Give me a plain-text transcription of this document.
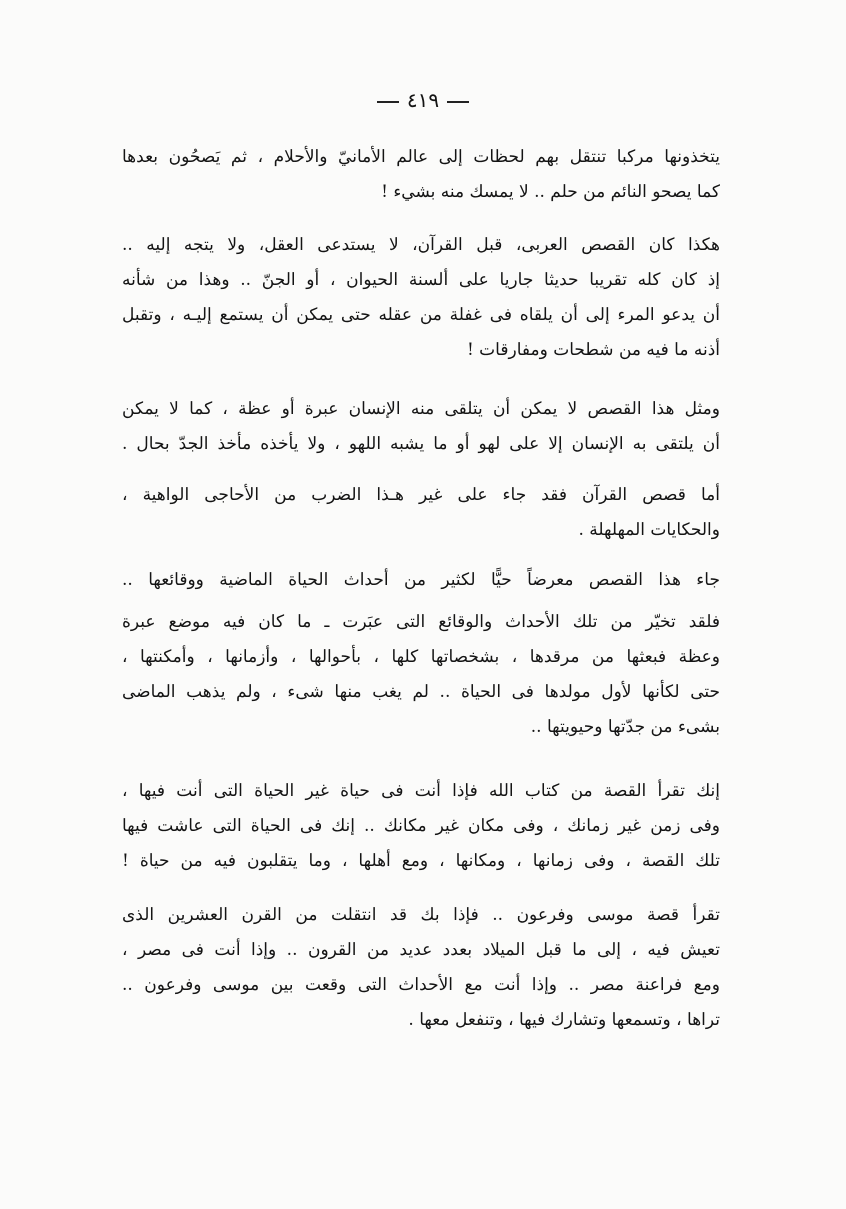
٤١٩
يتخذونها مركبا تنتقل بهم لحظات إلى عالم الأمانيّ والأحلام ، ثم يَصحُون بعدها
كما يصحو النائم من حلم .. لا يمسك منه بشيء !
هكذا كان القصص العربى، قبل القرآن، لا يستدعى العقل، ولا يتجه إليه ..
إذ كان كله تقريبا حديثا جاريا على ألسنة الحيوان ، أو الجنّ .. وهذا من شأنه
أن يدعو المرء إلى أن يلقاه فى غفلة من عقله حتى يمكن أن يستمع إليـه ، وتقبل
أذنه ما فيه من شطحات ومفارقات !
ومثل هذا القصص لا يمكن أن يتلقى منه الإنسان عبرة أو عظة ، كما لا يمكن
أن يلتقى به الإنسان إلا على لهو أو ما يشبه اللهو ، ولا يأخذه مأخذ الجدّ بحال .
أما قصص القرآن فقد جاء على غير هـذا الضرب من الأحاجى الواهية ،
والحكايات المهلهلة .
جاء هذا القصص معرضاً حيًّا لكثير من أحداث الحياة الماضية ووقائعها ..
فلقد تخيّر من تلك الأحداث والوقائع التى عبَرت ـ ما كان فيه موضع عبرة
وعظة فبعثها من مرقدها ، بشخصاتها كلها ، بأحوالها ، وأزمانها ، وأمكنتها ،
حتى لكأنها لأول مولدها فى الحياة .. لم يغب منها شىء ، ولم يذهب الماضى
بشىء من جدّتها وحيويتها ..
إنك تقرأ القصة من كتاب الله فإذا أنت فى حياة غير الحياة التى أنت فيها ،
وفى زمن غير زمانك ، وفى مكان غير مكانك .. إنك فى الحياة التى عاشت فيها
تلك القصة ، وفى زمانها ، ومكانها ، ومع أهلها ، وما يتقلبون فيه من حياة !
تقرأ قصة موسى وفرعون .. فإذا بك قد انتقلت من القرن العشرين الذى
تعيش فيه ، إلى ما قبل الميلاد بعدد عديد من القرون .. وإذا أنت فى مصر ،
ومع فراعنة مصر .. وإذا أنت مع الأحداث التى وقعت بين موسى وفرعون ..
تراها ، وتسمعها وتشارك فيها ، وتنفعل معها .
